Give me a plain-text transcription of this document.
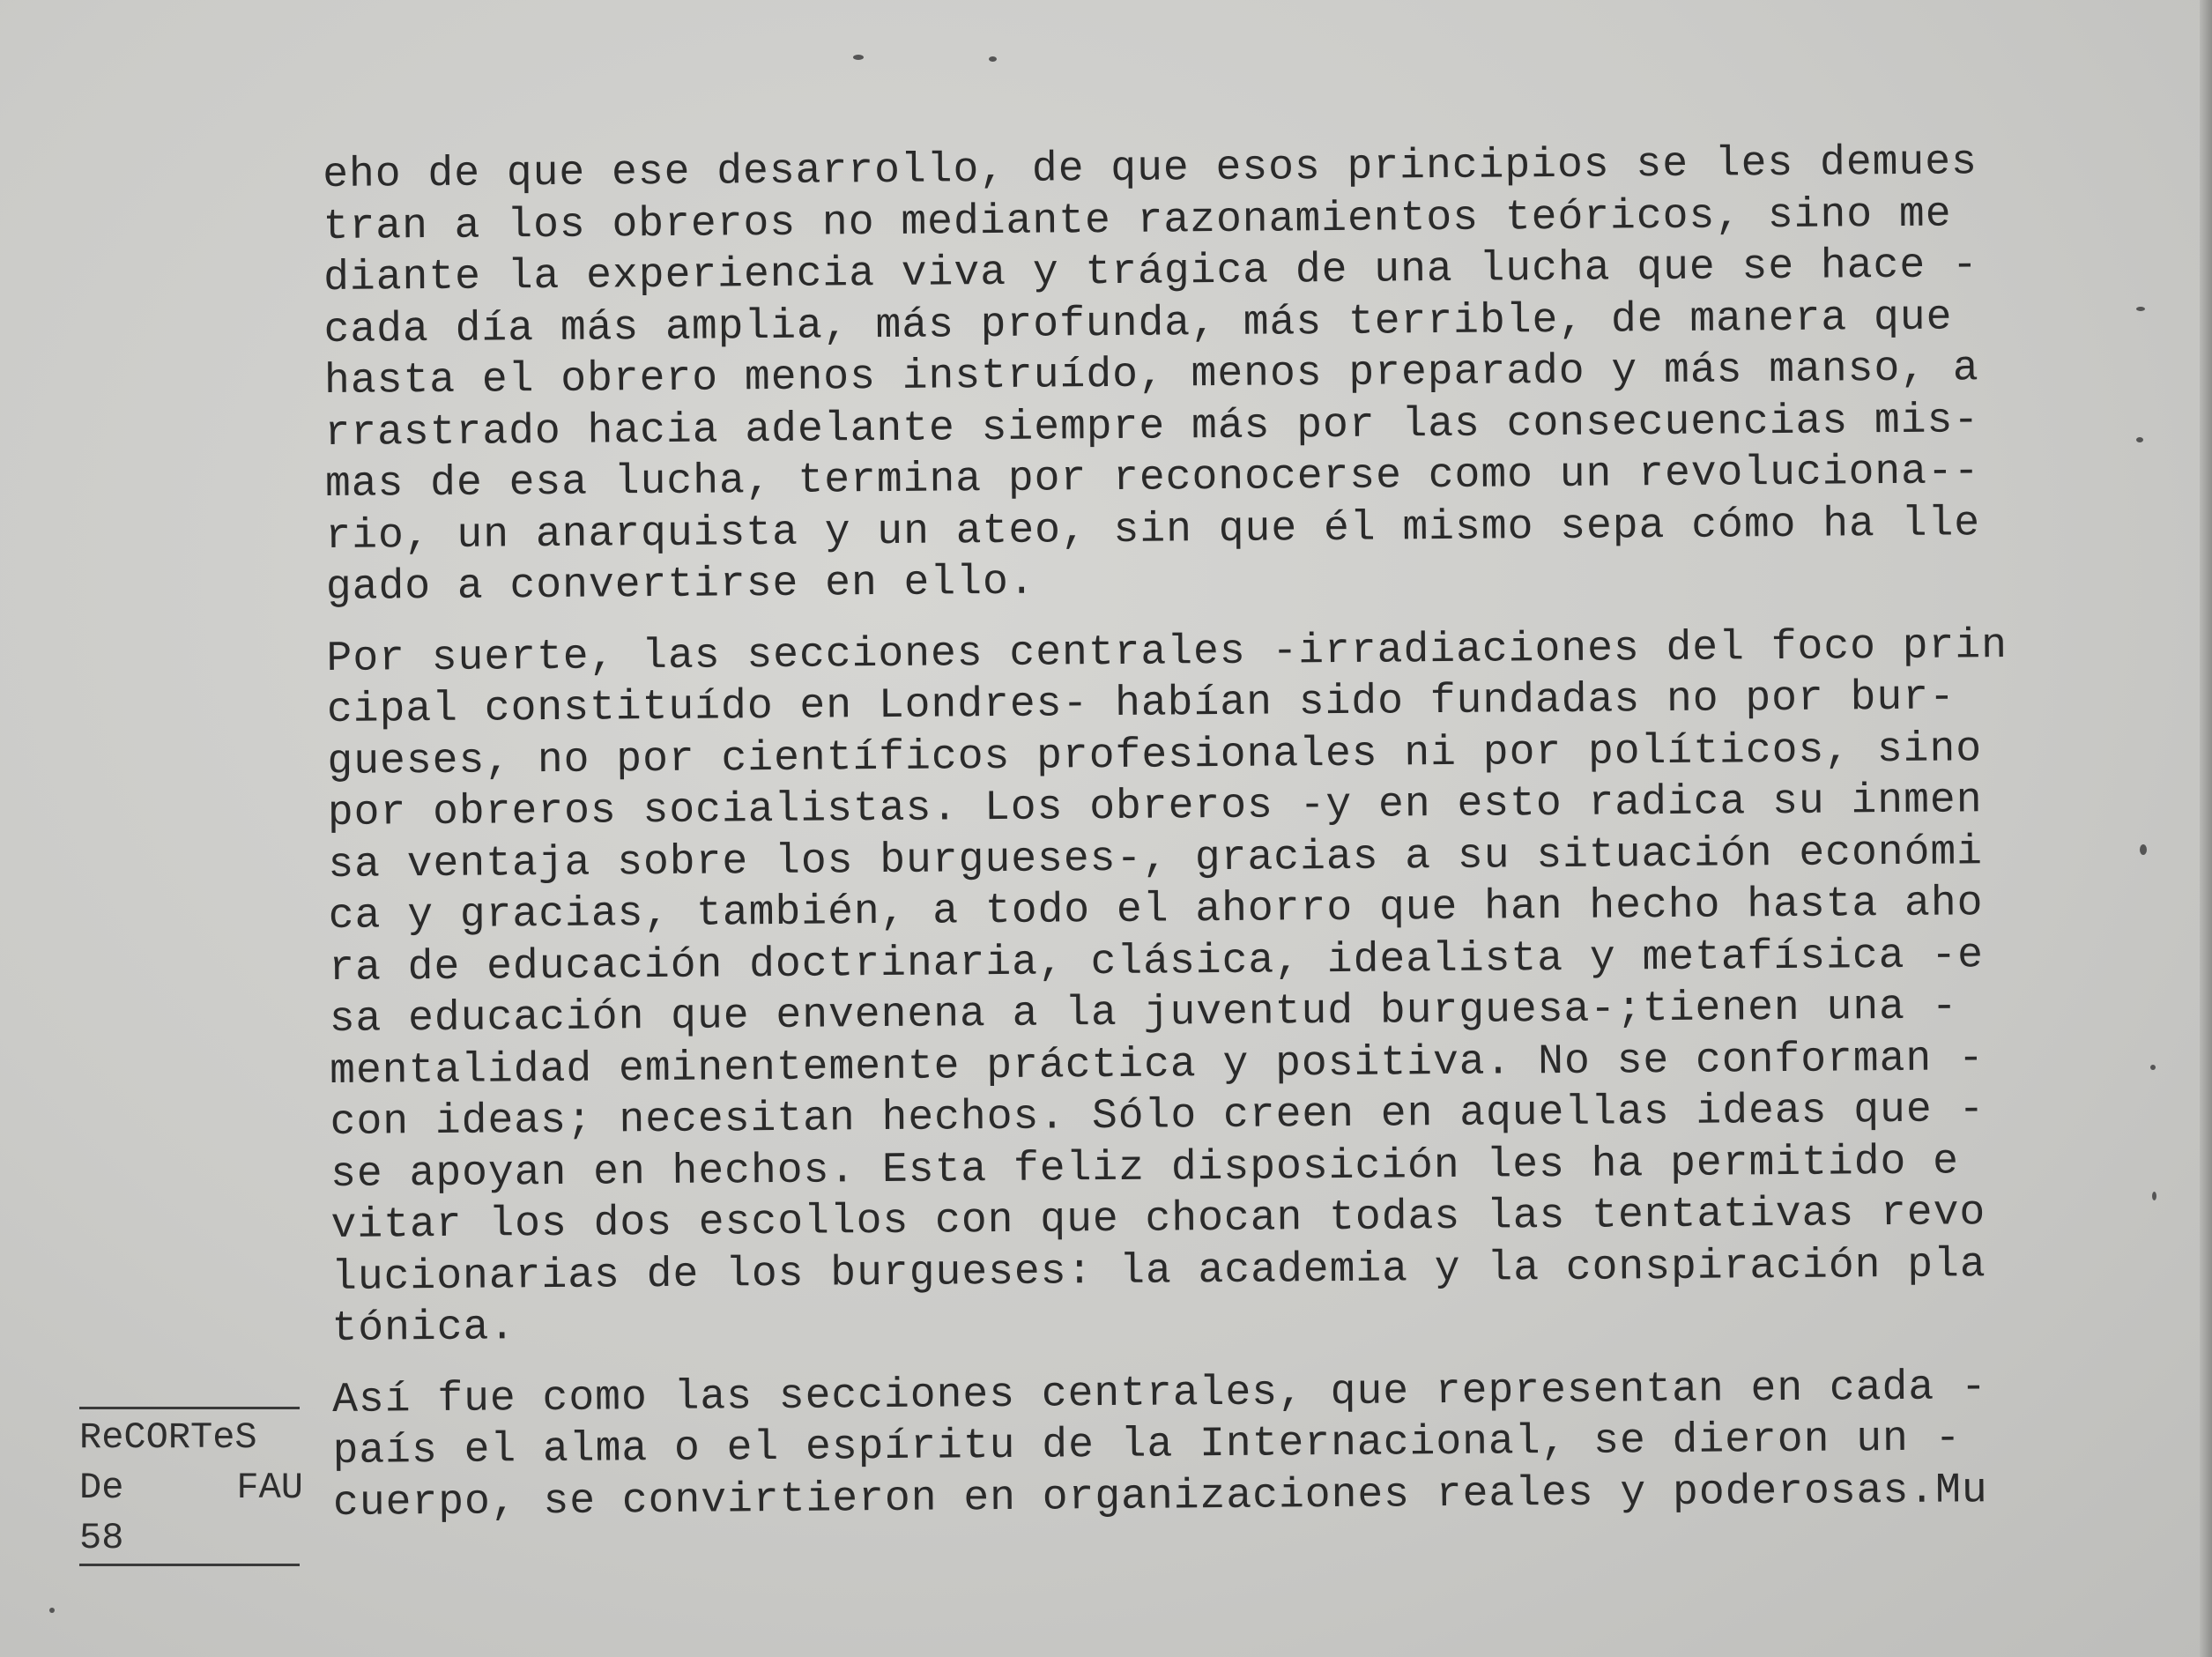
eho de que ese desarrollo, de que esos principios se les demues
tran a los obreros no mediante razonamientos teóricos, sino me
diante la experiencia viva y trágica de una lucha que se hace -
cada día más amplia, más profunda, más terrible, de manera que
hasta el obrero menos instruído, menos preparado y más manso, a
rrastrado hacia adelante siempre más por las consecuencias mis-
mas de esa lucha, termina por reconocerse como un revoluciona--
rio, un anarquista y un ateo, sin que él mismo sepa cómo ha lle
gado a convertirse en ello.
Por suerte, las secciones centrales -irradiaciones del foco prin
cipal constituído en Londres- habían sido fundadas no por bur-
gueses, no por científicos profesionales ni por políticos, sino
por obreros socialistas. Los obreros -y en esto radica su inmen
sa ventaja sobre los burgueses-, gracias a su situación económi
ca y gracias, también, a todo el ahorro que han hecho hasta aho
ra de educación doctrinaria, clásica, idealista y metafísica -e
sa educación que envenena a la juventud burguesa-;tienen una -
mentalidad eminentemente práctica y positiva. No se conforman -
con ideas; necesitan hechos. Sólo creen en aquellas ideas que -
se apoyan en hechos. Esta feliz disposición les ha permitido e
vitar los dos escollos con que chocan todas las tentativas revo
lucionarias de los burgueses: la academia y la conspiración pla
tónica.
Así fue como las secciones centrales, que representan en cada -
país el alma o el espíritu de la Internacional, se dieron un -
cuerpo, se convirtieron en organizaciones reales y poderosas.Mu
ReCORTeS
De	FAU
58
